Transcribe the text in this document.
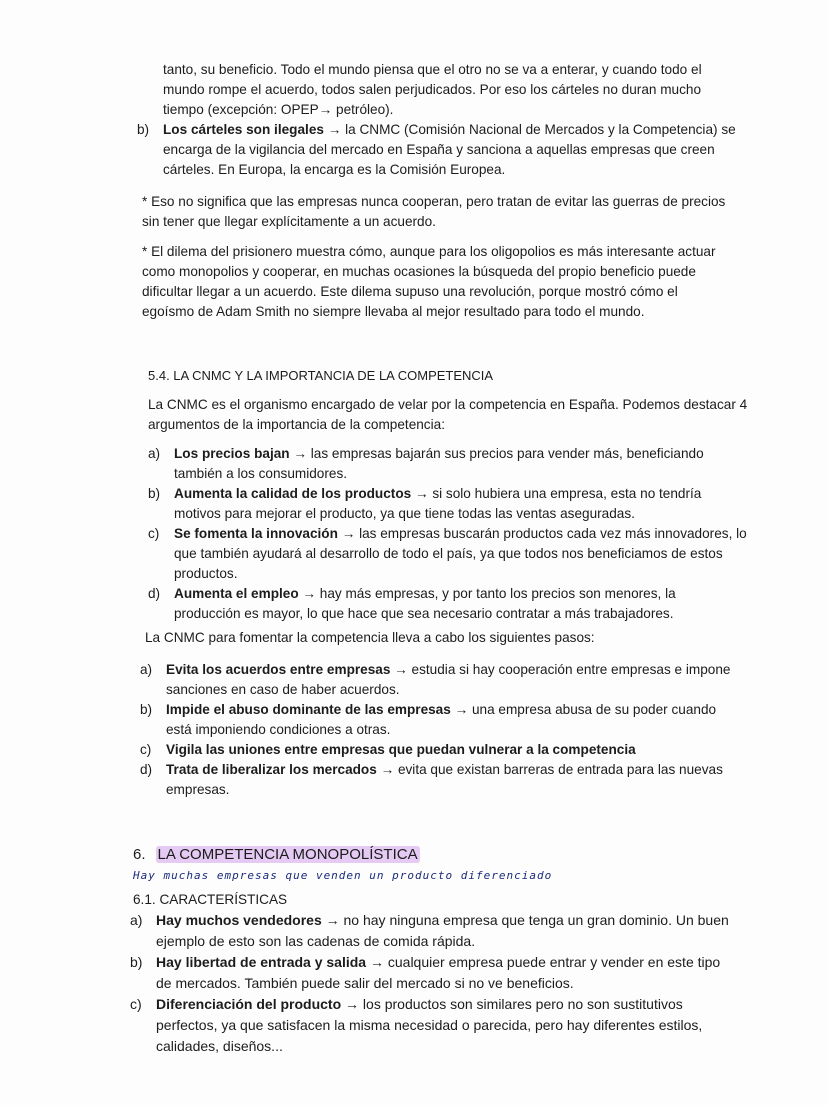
tanto, su beneficio. Todo el mundo piensa que el otro no se va a enterar, y cuando todo el

mundo rompe el acuerdo, todos salen perjudicados. Por eso los cárteles no duran mucho

tiempo (excepción: OPEP→ petróleo).

b)	Los cárteles son ilegales → la CNMC (Comisión Nacional de Mercados y la Competencia) se

encarga de la vigilancia del mercado en España y sanciona a aquellas empresas que creen

cárteles. En Europa, la encarga es la Comisión Europea.

* Eso no significa que las empresas nunca cooperan, pero tratan de evitar las guerras de precios

sin tener que llegar explícitamente a un acuerdo.

* El dilema del prisionero muestra cómo, aunque para los oligopolios es más interesante actuar

como monopolios y cooperar, en muchas ocasiones la búsqueda del propio beneficio puede

dificultar llegar a un acuerdo. Este dilema supuso una revolución, porque mostró cómo el

egoísmo de Adam Smith no siempre llevaba al mejor resultado para todo el mundo.

5.4. LA CNMC Y LA IMPORTANCIA DE LA COMPETENCIA

La CNMC es el organismo encargado de velar por la competencia en España. Podemos destacar 4

argumentos de la importancia de la competencia:

a)	Los precios bajan → las empresas bajarán sus precios para vender más, beneficiando

también a los consumidores.

b)	Aumenta la calidad de los productos → si solo hubiera una empresa, esta no tendría

motivos para mejorar el producto, ya que tiene todas las ventas aseguradas.

c)	Se fomenta la innovación → las empresas buscarán productos cada vez más innovadores, lo

que también ayudará al desarrollo de todo el país, ya que todos nos beneficiamos de estos

productos.

d)	Aumenta el empleo → hay más empresas, y por tanto los precios son menores, la

producción es mayor, lo que hace que sea necesario contratar a más trabajadores.

La CNMC para fomentar la competencia lleva a cabo los siguientes pasos:
a)	Evita los acuerdos entre empresas → estudia si hay cooperación entre empresas e impone

sanciones en caso de haber acuerdos.

b)	Impide el abuso dominante de las empresas → una empresa abusa de su poder cuando

está imponiendo condiciones a otras.

c)	Vigila las uniones entre empresas que puedan vulnerar a la competencia

d)	Trata de liberalizar los mercados → evita que existan barreras de entrada para las nuevas

empresas.

6. LA COMPETENCIA MONOPOLÍSTICA
Hay muchas empresas que venden un producto diferenciado
6.1. CARACTERÍSTICAS
a) Hay muchos vendedores → no hay ninguna empresa que tenga un gran dominio. Un buen

ejemplo de esto son las cadenas de comida rápida.

b) Hay libertad de entrada y salida → cualquier empresa puede entrar y vender en este tipo

de mercados. También puede salir del mercado si no ve beneficios.

c)	Diferenciación del producto → los productos son similares pero no son sustitutivos

perfectos, ya que satisfacen la misma necesidad o parecida, pero hay diferentes estilos,

calidades, diseños...
